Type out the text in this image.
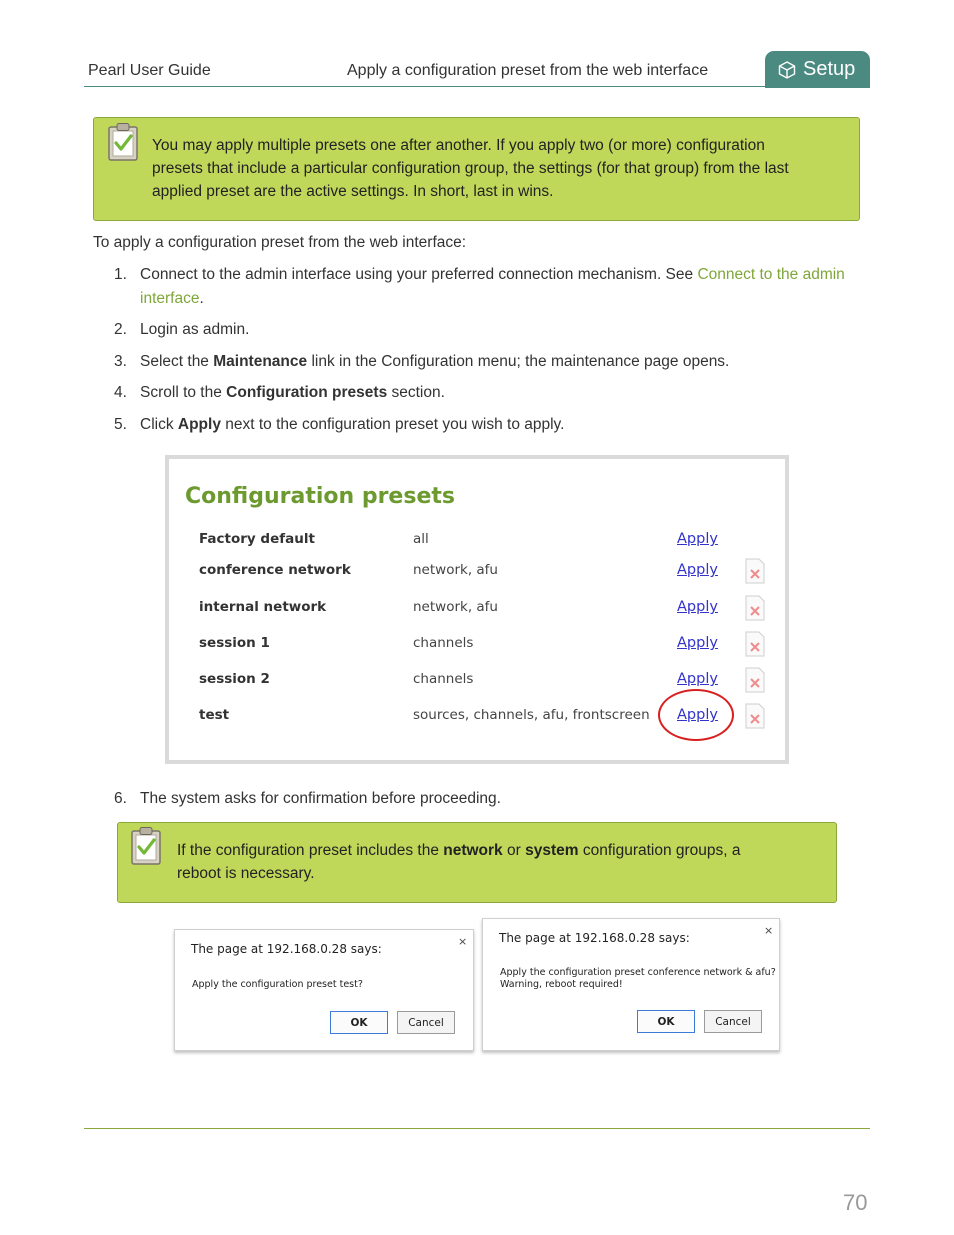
Pearl User Guide	Apply a configuration preset from the web interface	Setup
You may apply multiple presets one after another. If you apply two (or more) configuration
presets that include a particular configuration group, the settings (for that group) from the last
applied preset are the active settings. In short, last in wins.
To apply a configuration preset from the web interface:
1. Connect to the admin interface using your preferred connection mechanism. See Connect to the admin
interface.
2. Login as admin.
3. Select the Maintenance link in the Configuration menu; the maintenance page opens.
4. Scroll to the Configuration presets section.
5. Click Apply next to the configuration preset you wish to apply.
Configuration presets
Factory default	all	Apply
conference network	network, afu	Apply
internal network	network, afu	Apply
session 1	channels	Apply
session 2	channels	Apply
test	sources, channels, afu, frontscreen Apply
6. The system asks for confirmation before proceeding.
If the configuration preset includes the network or system configuration groups, a
reboot is necessary.
The page at 192.168.0.28 says:
×
Apply the configuration preset test?
OK	Cancel
The page at 192.168.0.28 says:
×
Apply the configuration preset conference network & afu?
Warning, reboot required!
OK	Cancel
70
